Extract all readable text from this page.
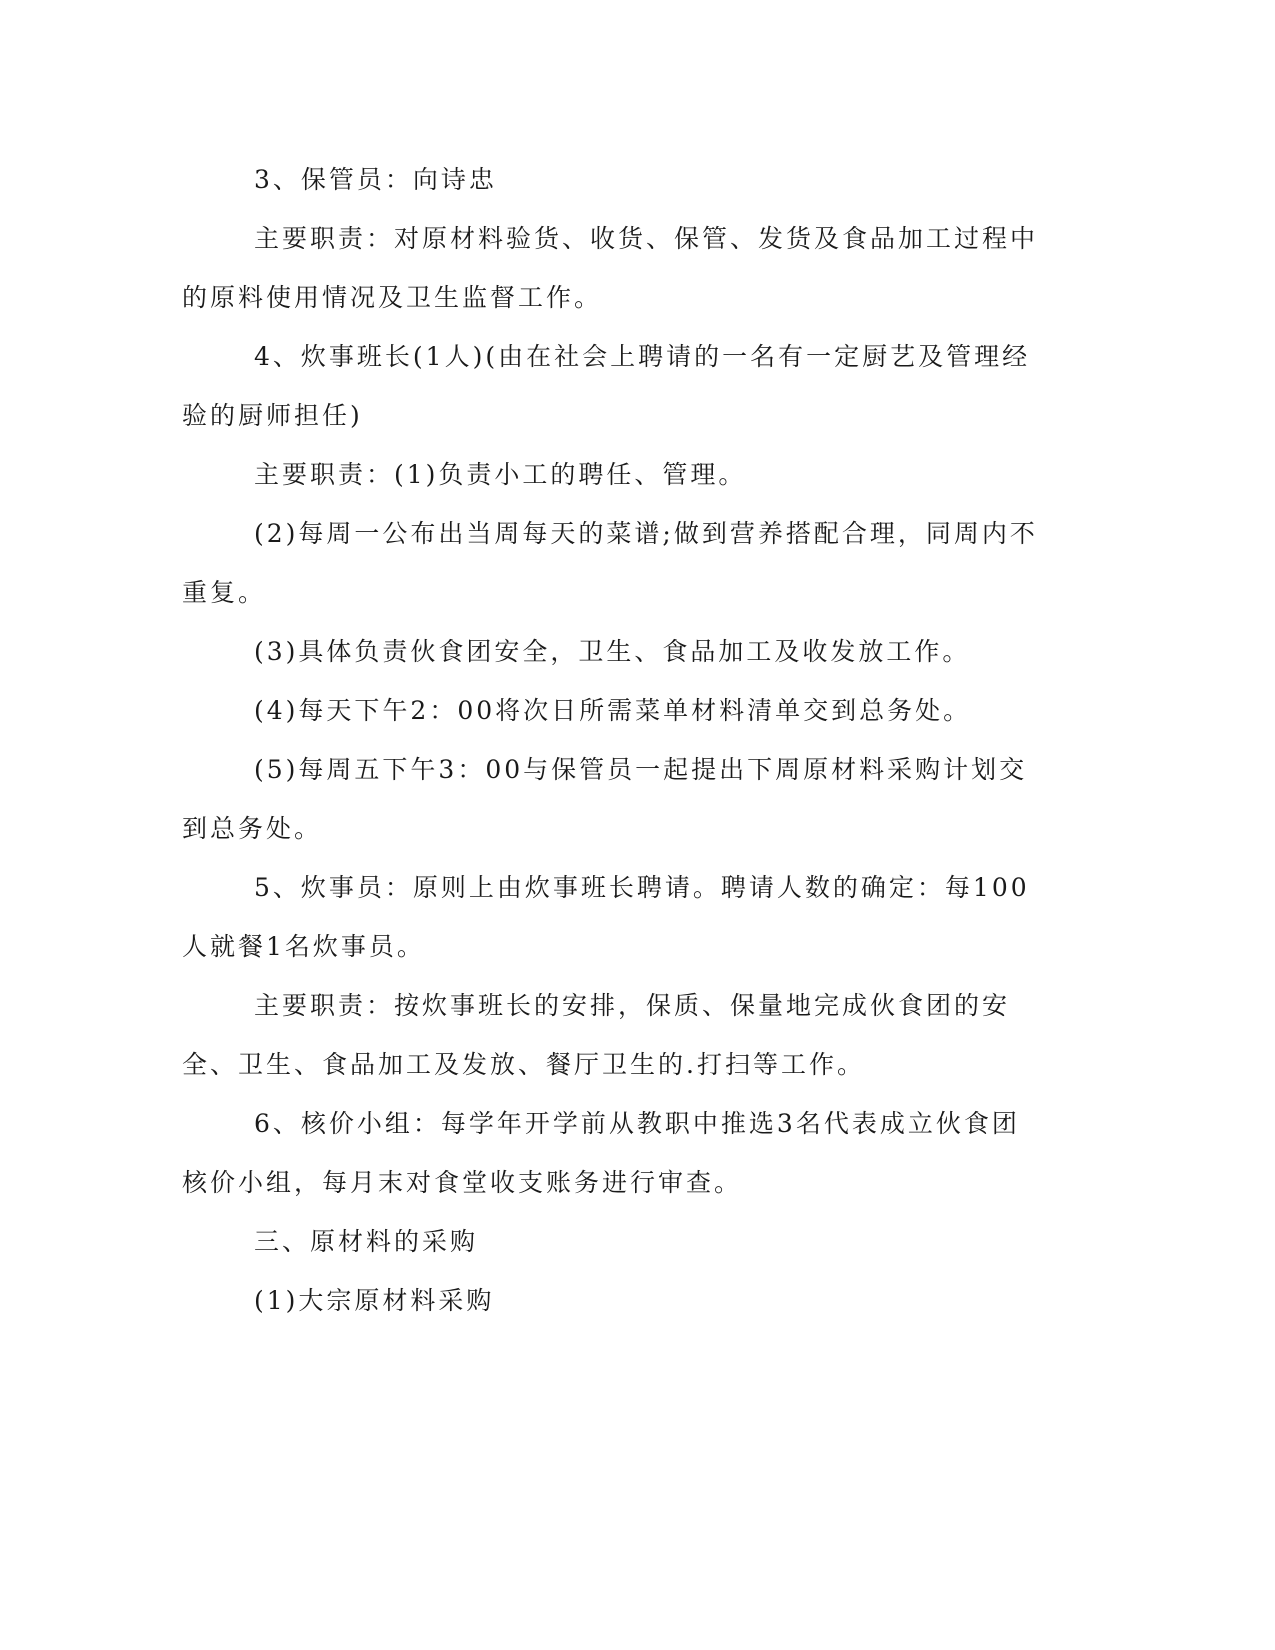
3、保管员：向诗忠

主要职责：对原材料验货、收货、保管、发货及食品加工过程中的原料使用情况及卫生监督工作。

4、炊事班长(1人)(由在社会上聘请的一名有一定厨艺及管理经验的厨师担任)

主要职责：(1)负责小工的聘任、管理。

(2)每周一公布出当周每天的菜谱;做到营养搭配合理，同周内不重复。

(3)具体负责伙食团安全，卫生、食品加工及收发放工作。

(4)每天下午2：00将次日所需菜单材料清单交到总务处。

(5)每周五下午3：00与保管员一起提出下周原材料采购计划交到总务处。

5、炊事员：原则上由炊事班长聘请。聘请人数的确定：每100人就餐1名炊事员。

主要职责：按炊事班长的安排，保质、保量地完成伙食团的安全、卫生、食品加工及发放、餐厅卫生的.打扫等工作。

6、核价小组：每学年开学前从教职中推选3名代表成立伙食团核价小组，每月末对食堂收支账务进行审查。

三、原材料的采购

(1)大宗原材料采购
